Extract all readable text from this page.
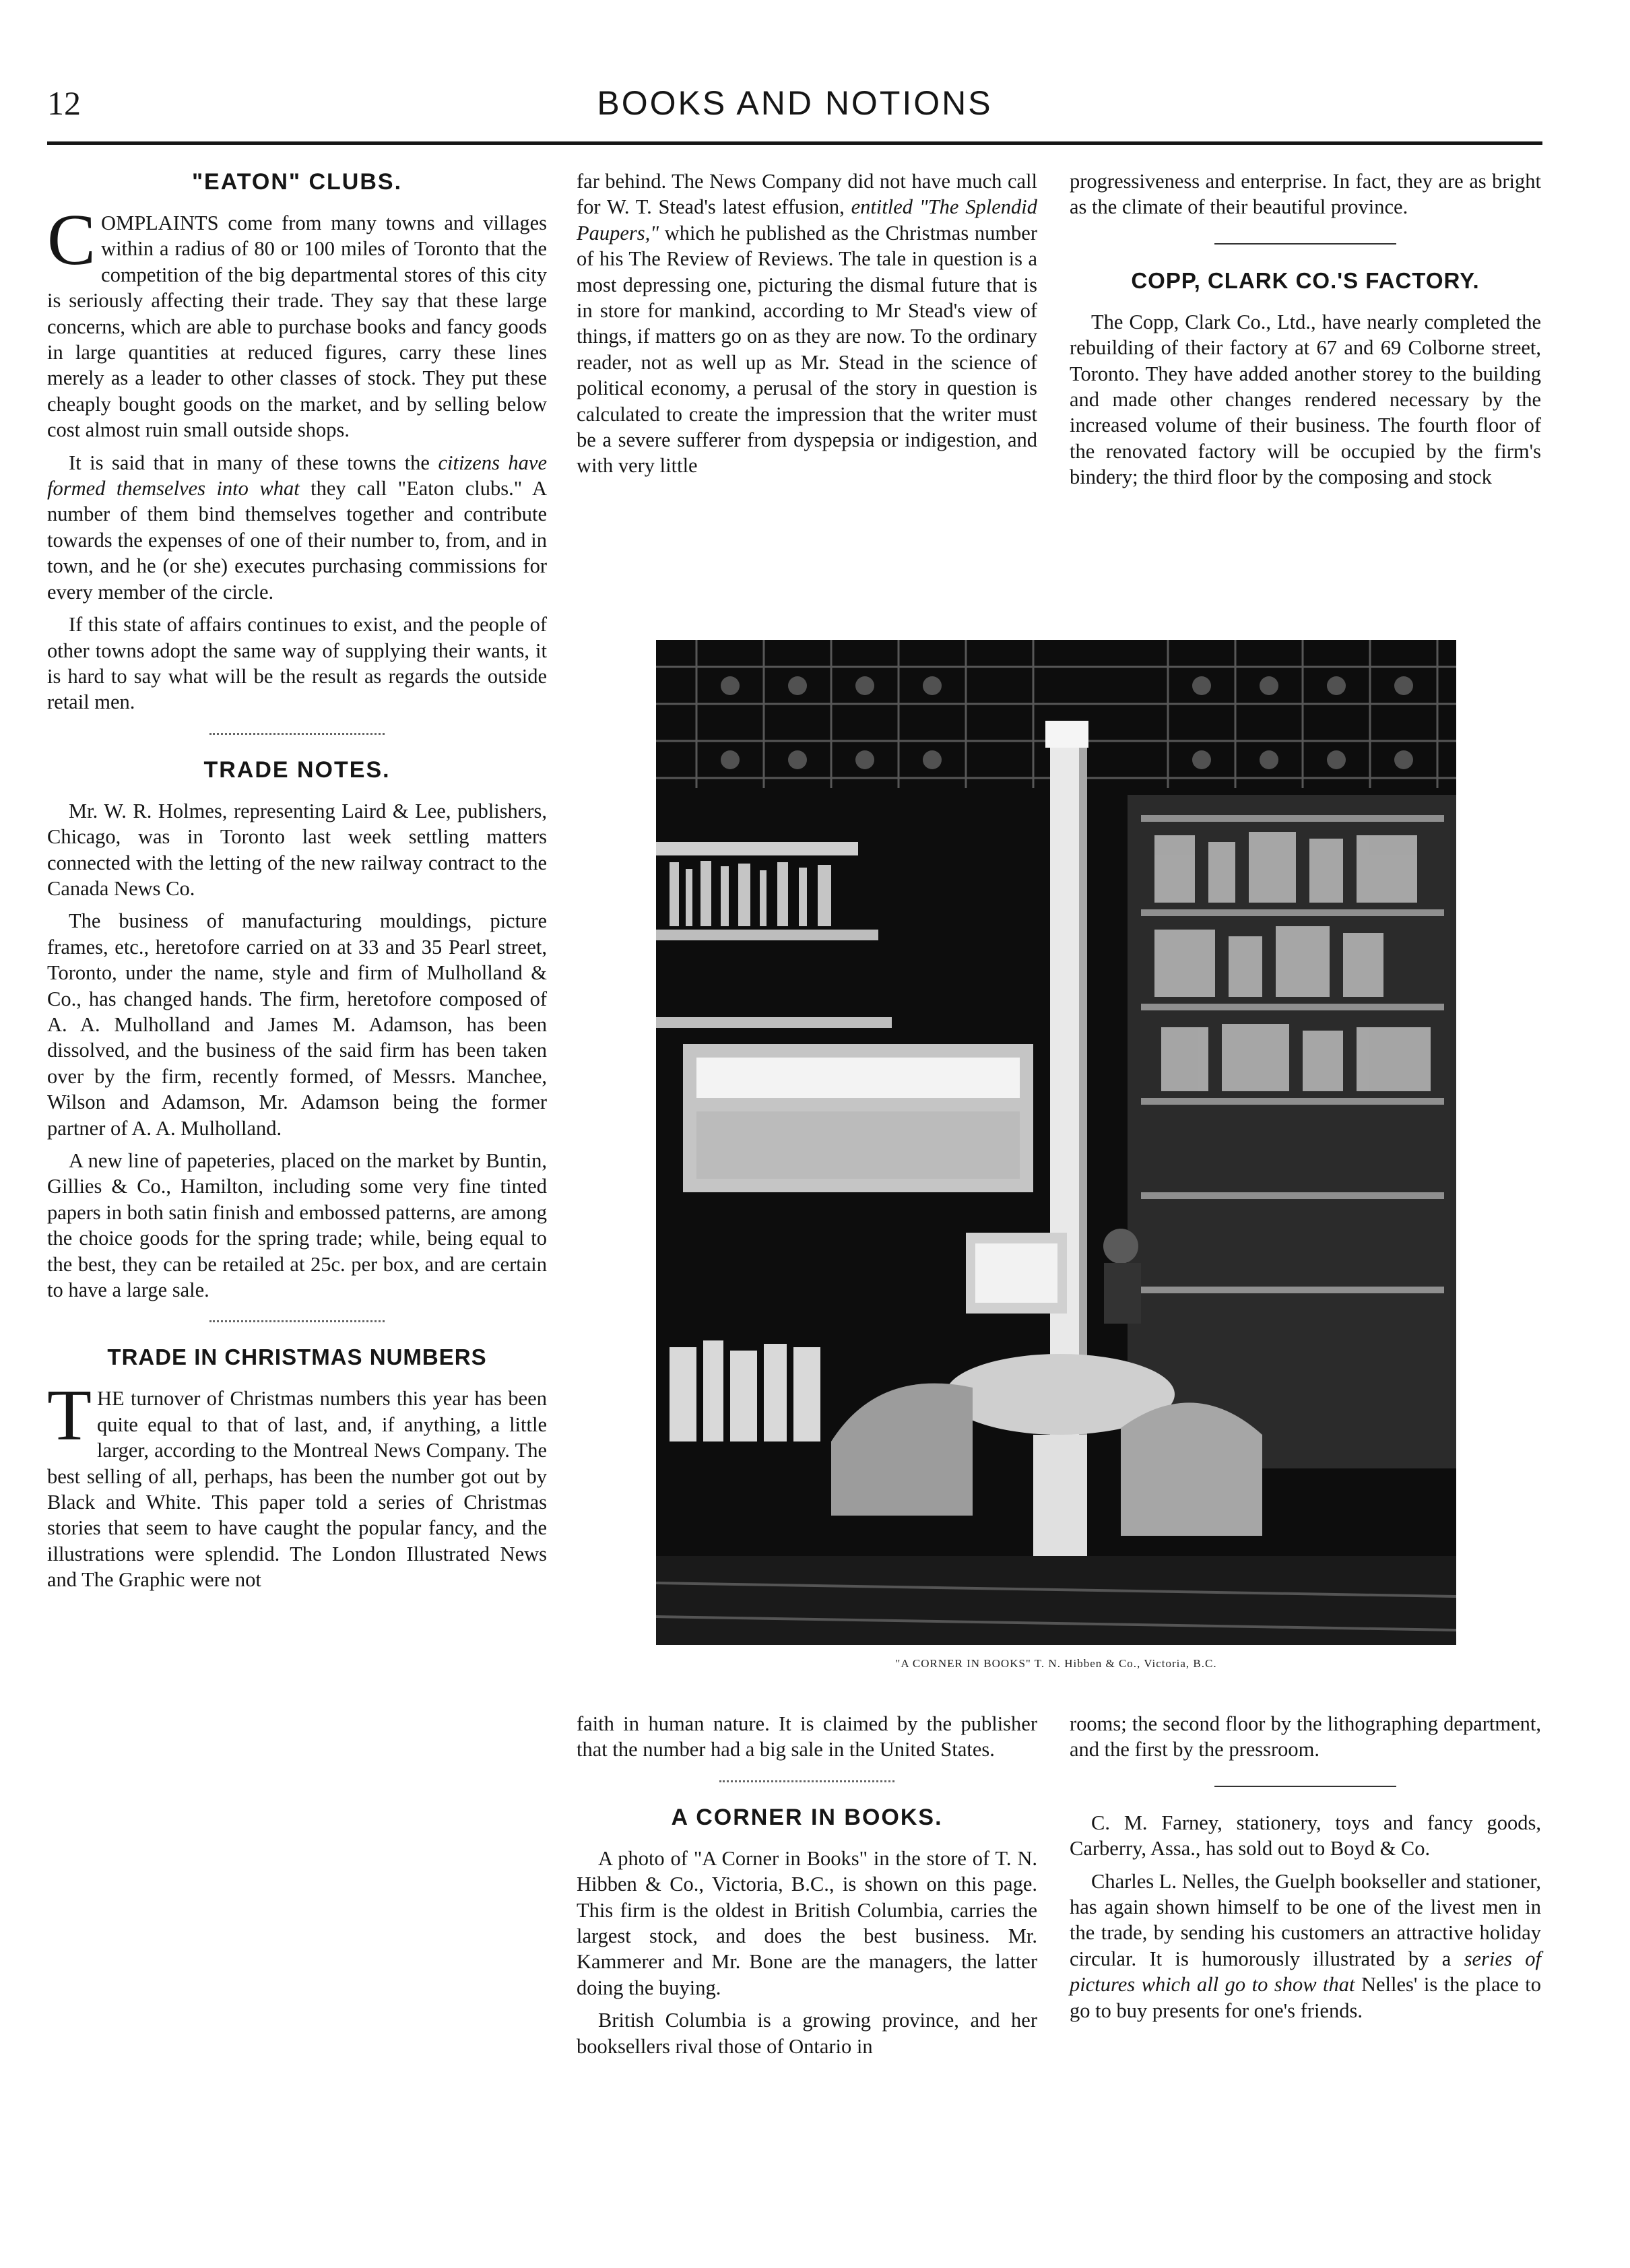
12	BOOKS AND NOTIONS
"EATON" CLUBS.

COMPLAINTS come from many towns and villages within a radius of 80 or 100 miles of Toronto that the competition of the big departmental stores of this city is seriously affecting their trade. They say that these large concerns, which are able to purchase books and fancy goods in large quantities at reduced figures, carry these lines merely as a leader to other classes of stock. They put these cheaply bought goods on the market, and by selling below cost almost ruin small outside shops.

It is said that in many of these towns the citizens have formed themselves into what they call "Eaton clubs." A number of them bind themselves together and contribute towards the expenses of one of their number to, from, and in town, and he (or she) executes purchasing commissions for every member of the circle.

If this state of affairs continues to exist, and the people of other towns adopt the same way of supplying their wants, it is hard to say what will be the result as regards the outside retail men.

TRADE NOTES.

Mr. W. R. Holmes, representing Laird & Lee, publishers, Chicago, was in Toronto last week settling matters connected with the letting of the new railway contract to the Canada News Co.

The business of manufacturing mouldings, picture frames, etc., heretofore carried on at 33 and 35 Pearl street, Toronto, under the name, style and firm of Mulholland & Co., has changed hands. The firm, heretofore composed of A. A. Mulholland and James M. Adamson, has been dissolved, and the business of the said firm has been taken over by the firm, recently formed, of Messrs. Manchee, Wilson and Adamson, Mr. Adamson being the former partner of A. A. Mulholland.

A new line of papeteries, placed on the market by Buntin, Gillies & Co., Hamilton, including some very fine tinted papers in both satin finish and embossed patterns, are among the choice goods for the spring trade; while, being equal to the best, they can be retailed at 25c. per box, and are certain to have a large sale.

TRADE IN CHRISTMAS NUMBERS

THE turnover of Christmas numbers this year has been quite equal to that of last, and, if anything, a little larger, according to the Montreal News Company. The best selling of all, perhaps, has been the number got out by Black and White. This paper told a series of Christmas stories that seem to have caught the popular fancy, and the illustrations were splendid. The London Illustrated News and The Graphic were not

far behind. The News Company did not have much call for W. T. Stead's latest effusion, entitled "The Splendid Paupers," which he published as the Christmas number of his The Review of Reviews. The tale in question is a most depressing one, picturing the dismal future that is in store for mankind, according to Mr Stead's view of things, if matters go on as they are now. To the ordinary reader, not as well up as Mr. Stead in the science of political economy, a perusal of the story in question is calculated to create the impression that the writer must be a severe sufferer from dyspepsia or indigestion, and with very little

progressiveness and enterprise. In fact, they are as bright as the climate of their beautiful province.

COPP, CLARK CO.'S FACTORY.

The Copp, Clark Co., Ltd., have nearly completed the rebuilding of their factory at 67 and 69 Colborne street, Toronto. They have added another storey to the building and made other changes rendered necessary by the increased volume of their business. The fourth floor of the renovated factory will be occupied by the firm's bindery; the third floor by the composing and stock

"A CORNER IN BOOKS" T. N. Hibben & Co., Victoria, B.C.

faith in human nature. It is claimed by the publisher that the number had a big sale in the United States.

A CORNER IN BOOKS.

A photo of "A Corner in Books" in the store of T. N. Hibben & Co., Victoria, B.C., is shown on this page. This firm is the oldest in British Columbia, carries the largest stock, and does the best business. Mr. Kammerer and Mr. Bone are the managers, the latter doing the buying.

British Columbia is a growing province, and her booksellers rival those of Ontario in

rooms; the second floor by the lithographing department, and the first by the pressroom.

C. M. Farney, stationery, toys and fancy goods, Carberry, Assa., has sold out to Boyd & Co.

Charles L. Nelles, the Guelph bookseller and stationer, has again shown himself to be one of the livest men in the trade, by sending his customers an attractive holiday circular. It is humorously illustrated by a series of pictures which all go to show that Nelles' is the place to go to buy presents for one's friends.
